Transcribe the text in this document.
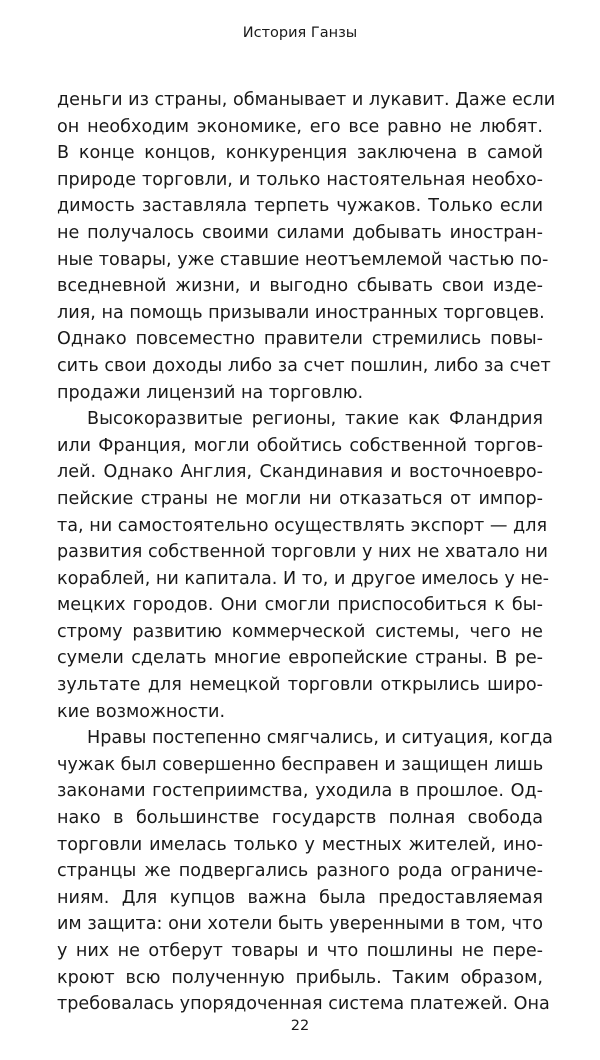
История Ганзы
деньги из страны, обманывает и лукавит. Даже если
он необходим экономике, его все равно не любят.
В конце концов, конкуренция заключена в самой
природе торговли, и только настоятельная необхо-
димость заставляла терпеть чужаков. Только если
не получалось своими силами добывать иностран-
ные товары, уже ставшие неотъемлемой частью по-
вседневной жизни, и выгодно сбывать свои изде-
лия, на помощь призывали иностранных торговцев.
Однако повсеместно правители стремились повы-
сить свои доходы либо за счет пошлин, либо за счет
продажи лицензий на торговлю.
Высокоразвитые регионы, такие как Фландрия
или Франция, могли обойтись собственной торгов-
лей. Однако Англия, Скандинавия и восточноевро-
пейские страны не могли ни отказаться от импор-
та, ни самостоятельно осуществлять экспорт — для
развития собственной торговли у них не хватало ни
кораблей, ни капитала. И то, и другое имелось у не-
мецких городов. Они смогли приспособиться к бы-
строму развитию коммерческой системы, чего не
сумели сделать многие европейские страны. В ре-
зультате для немецкой торговли открылись широ-
кие возможности.
Нравы постепенно смягчались, и ситуация, когда
чужак был совершенно бесправен и защищен лишь
законами гостеприимства, уходила в прошлое. Од-
нако в большинстве государств полная свобода
торговли имелась только у местных жителей, ино-
странцы же подвергались разного рода ограниче-
ниям. Для купцов важна была предоставляемая
им защита: они хотели быть уверенными в том, что
у них не отберут товары и что пошлины не пере-
кроют всю полученную прибыль. Таким образом,
требовалась упорядоченная система платежей. Она
22
